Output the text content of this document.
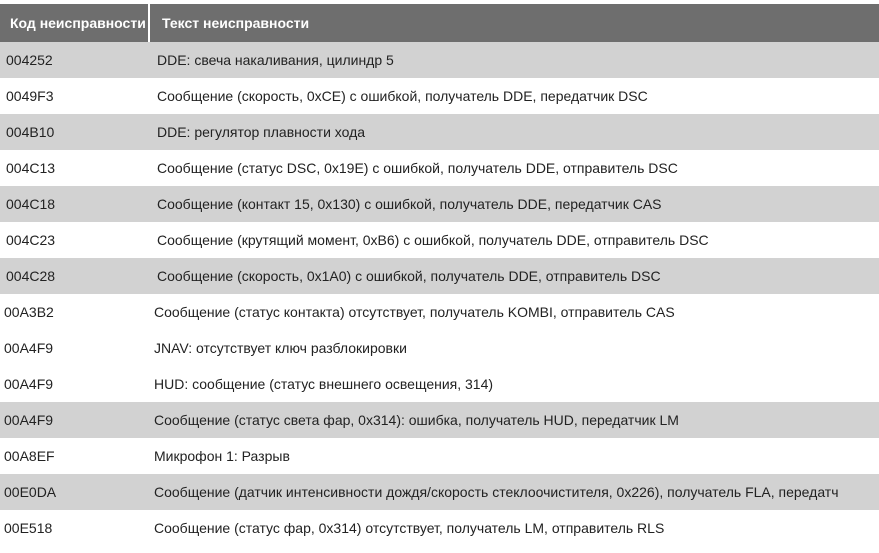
Код неисправности	Текст неисправности
004252	DDE: свеча накаливания, цилиндр 5
0049F3	Сообщение (скорость, 0xCE) с ошибкой, получатель DDE, передатчик DSC
004B10	DDE: регулятор плавности хода
004C13	Сообщение (статус DSC, 0x19E) с ошибкой, получатель DDE, отправитель DSC
004C18	Сообщение (контакт 15, 0x130) с ошибкой, получатель DDE, передатчик CAS
004C23	Сообщение (крутящий момент, 0xB6) с ошибкой, получатель DDE, отправитель DSC
004C28	Сообщение (скорость, 0x1A0) с ошибкой, получатель DDE, отправитель DSC
00A3B2	Сообщение (статус контакта) отсутствует, получатель KOMBI, отправитель CAS
00A4F9	JNAV: отсутствует ключ разблокировки
00A4F9	HUD: сообщение (статус внешнего освещения, 314)
00A4F9	Сообщение (статус света фар, 0x314): ошибка, получатель HUD, передатчик LM
00A8EF	Микрофон 1: Разрыв
00E0DA	Сообщение (датчик интенсивности дождя/скорость стеклоочистителя, 0x226), получатель FLA, передатч
00E518	Сообщение (статус фар, 0x314) отсутствует, получатель LM, отправитель RLS
